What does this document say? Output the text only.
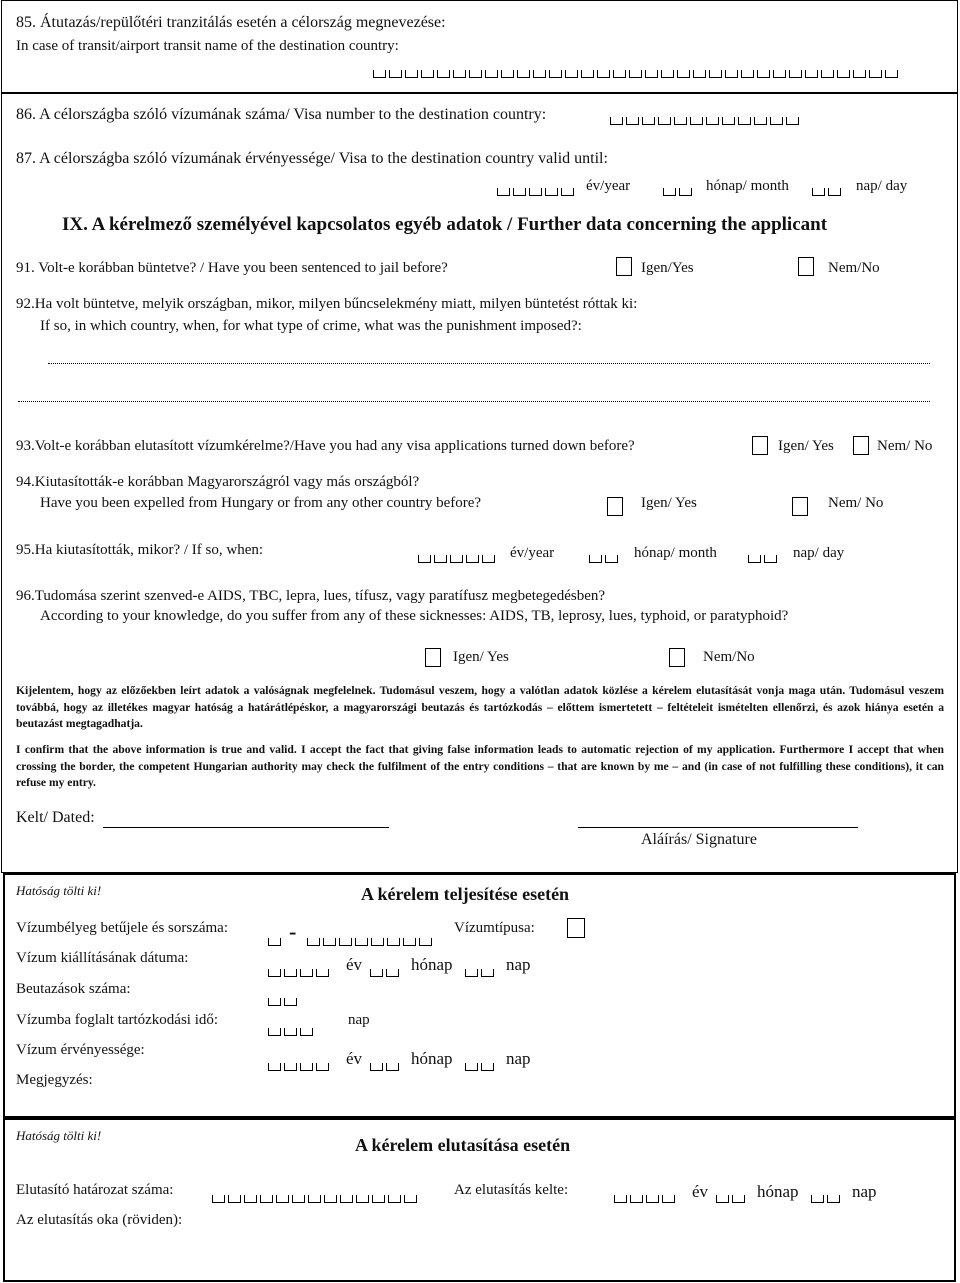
85. Átutazás/repülőtéri tranzitálás esetén a célország megnevezése:
In case of transit/airport transit name of the destination country:
86. A célországba szóló vízumának száma/ Visa number to the destination country:
87. A célországba szóló vízumának érvényessége/ Visa to the destination country valid until:
év/year	hónap/ month	nap/ day
IX. A kérelmező személyével kapcsolatos egyéb adatok / Further data concerning the applicant
91. Volt-e korábban büntetve? / Have you been sentenced to jail before?	Igen/Yes	Nem/No
92.Ha volt büntetve, melyik országban, mikor, milyen bűncselekmény miatt, milyen büntetést róttak ki:
If so, in which country, when, for what type of crime, what was the punishment imposed?:
93.Volt-e korábban elutasított vízumkérelme?/Have you had any visa applications turned down before?	Igen/ Yes	Nem/ No
94.Kiutasították-e korábban Magyarországról vagy más országból?
Have you been expelled from Hungary or from any other country before?	Igen/ Yes	Nem/ No
95.Ha kiutasították, mikor? / If so, when:	év/year	hónap/ month	nap/ day
96.Tudomása szerint szenved-e AIDS, TBC, lepra, lues, tífusz, vagy paratífusz megbetegedésben?
According to your knowledge, do you suffer from any of these sicknesses: AIDS, TB, leprosy, lues, typhoid, or paratyphoid?
Igen/ Yes	Nem/No
Kijelentem, hogy az előzőekben leírt adatok a valóságnak megfelelnek. Tudomásul veszem, hogy a valótlan adatok közlése a kérelem elutasítását vonja maga után. Tudomásul veszem továbbá, hogy az illetékes magyar hatóság a határátlépéskor, a magyarországi beutazás és tartózkodás – előttem ismertetett – feltételeit ismételten ellenőrzi, és azok hiánya esetén a beutazást megtagadhatja.
I confirm that the above information is true and valid. I accept the fact that giving false information leads to automatic rejection of my application. Furthermore I accept that when crossing the border, the competent Hungarian authority may check the fulfilment of the entry conditions – that are known by me – and (in case of not fulfilling these conditions), it can refuse my entry.
Kelt/ Dated:
Aláírás/ Signature
Hatóság tölti ki!	A kérelem teljesítése esetén
Vízumbélyeg betűjele és sorszáma:	-	Vízumtípusa:
Vízum kiállításának dátuma:	év	hónap	nap
Beutazások száma:
Vízumba foglalt tartózkodási idő:	nap
Vízum érvényessége:	év	hónap	nap
Megjegyzés:
Hatóság tölti ki!	A kérelem elutasítása esetén
Elutasító határozat száma:	Az elutasítás kelte:	év	hónap	nap
Az elutasítás oka (röviden):
